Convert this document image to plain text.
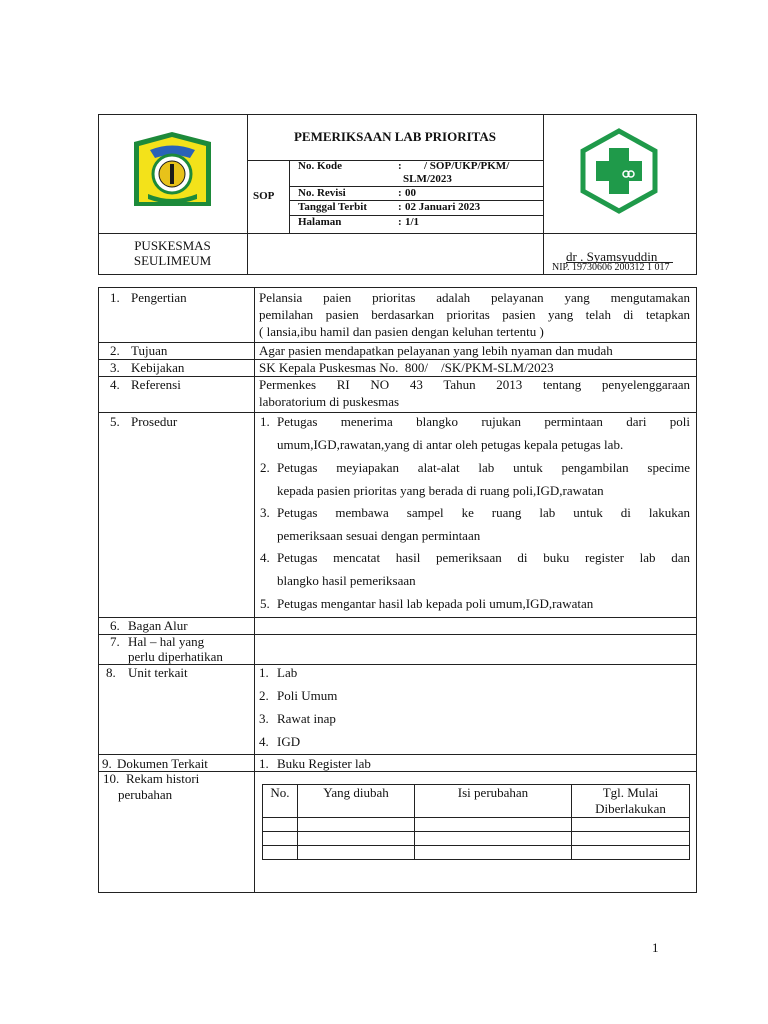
PEMERIKSAAN LAB PRIORITAS
SOP
No. Kode	: / SOP/UKP/PKM/
SLM/2023
No. Revisi	: 00
Tanggal Terbit	: 02 Januari 2023
Halaman	: 1/1
PUSKESMAS
SEULIMEUM	dr . Syamsyuddin
NIP. 19730606 200312 1 017
1. Pengertian	Pelansia paien prioritas adalah pelayanan yang mengutamakan
pemilahan pasien berdasarkan prioritas pasien yang telah di tetapkan
( lansia,ibu hamil dan pasien dengan keluhan tertentu )
2. Tujuan	Agar pasien mendapatkan pelayanan yang lebih nyaman dan mudah
3. Kebijakan	SK Kepala Puskesmas No.  800/    /SK/PKM-SLM/2023
4. Referensi	Permenkes RI NO 43 Tahun 2013 tentang penyelenggaraan
laboratorium di puskesmas
5. Prosedur	1. Petugas menerima blangko rujukan permintaan dari poli
umum,IGD,rawatan,yang di antar oleh petugas kepala petugas lab.
2. Petugas meyiapakan alat-alat lab untuk pengambilan specime
kepada pasien prioritas yang berada di ruang poli,IGD,rawatan
3. Petugas membawa sampel ke ruang lab untuk di lakukan
pemeriksaan sesuai dengan permintaan
4. Petugas mencatat hasil pemeriksaan di buku register lab dan
blangko hasil pemeriksaan
5. Petugas mengantar hasil lab kepada poli umum,IGD,rawatan
6. Bagan Alur
7. Hal – hal yang
perlu diperhatikan
8. Unit terkait	1. Lab
2. Poli Umum
3. Rawat inap
4. IGD
9. Dokumen Terkait	1. Buku Register lab
10. Rekam histori
perubahan	No.	Yang diubah	Isi perubahan	Tgl. Mulai
Diberlakukan

1
